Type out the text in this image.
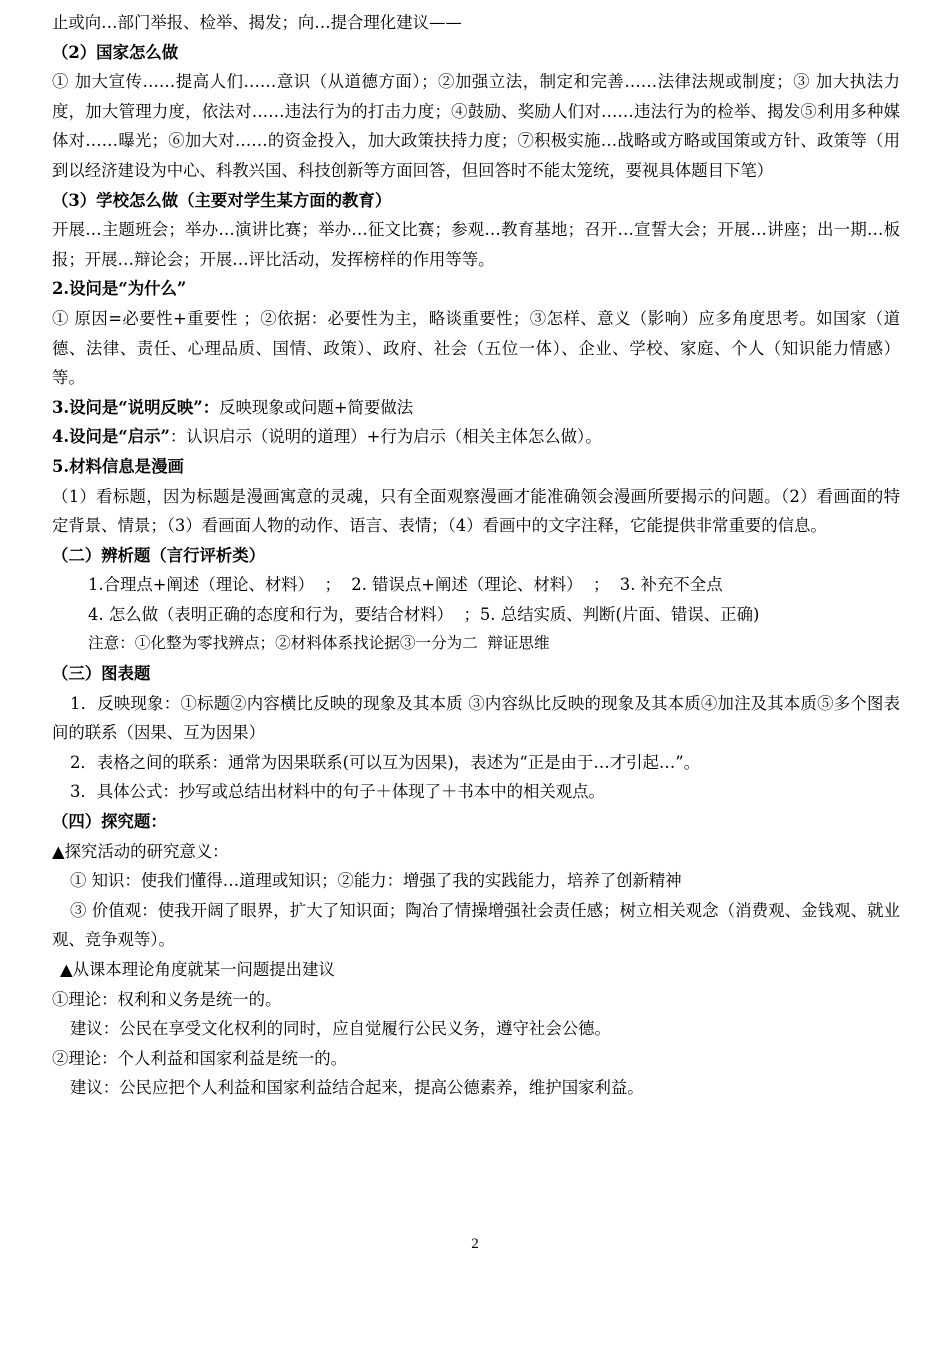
止或向…部门举报、检举、揭发；向…提合理化建议——
（2）国家怎么做
① 加大宣传……提高人们……意识（从道德方面）；②加强立法，制定和完善……法律法规或制度；③ 加大执法力度，加大管理力度，依法对……违法行为的打击力度；④鼓励、奖励人们对……违法行为的检举、揭发⑤利用多种媒体对……曝光；⑥加大对……的资金投入，加大政策扶持力度；⑦积极实施…战略或方略或国策或方针、政策等（用到以经济建设为中心、科教兴国、科技创新等方面回答，但回答时不能太笼统，要视具体题目下笔）
（3）学校怎么做（主要对学生某方面的教育）
开展…主题班会；举办…演讲比赛；举办…征文比赛；参观…教育基地；召开…宣誓大会；开展…讲座；出一期…板报；开展…辩论会；开展…评比活动，发挥榜样的作用等等。
2.设问是“为什么”
① 原因=必要性+重要性 ；②依据：必要性为主，略谈重要性；③怎样、意义（影响）应多角度思考。如国家（道德、法律、责任、心理品质、国情、政策）、政府、社会（五位一体）、企业、学校、家庭、个人（知识能力情感）等。
3.设问是“说明反映”：反映现象或问题+简要做法
4.设问是“启示”：认识启示（说明的道理）+行为启示（相关主体怎么做）。
5.材料信息是漫画
（1）看标题，因为标题是漫画寓意的灵魂，只有全面观察漫画才能准确领会漫画所要揭示的问题。（2）看画面的特定背景、情景；（3）看画面人物的动作、语言、表情；（4）看画中的文字注释，它能提供非常重要的信息。
（二）辨析题（言行评析类）
1.合理点+阐述（理论、材料）  ；  2. 错误点+阐述（理论、材料）  ；  3. 补充不全点
4. 怎么做（表明正确的态度和行为，要结合材料）  ；5. 总结实质、判断(片面、错误、正确)
注意：①化整为零找辨点；②材料体系找论据③一分为二 辩证思维
（三）图表题
1．反映现象：①标题②内容横比反映的现象及其本质 ③内容纵比反映的现象及其本质④加注及其本质⑤多个图表间的联系（因果、互为因果）
2．表格之间的联系：通常为因果联系(可以互为因果)，表述为“正是由于…才引起…”。
3．具体公式：抄写或总结出材料中的句子＋体现了＋书本中的相关观点。
（四）探究题：
▲探究活动的研究意义：
① 知识：使我们懂得…道理或知识；②能力：增强了我的实践能力，培养了创新精神
③ 价值观：使我开阔了眼界，扩大了知识面；陶冶了情操增强社会责任感；树立相关观念（消费观、金钱观、就业观、竞争观等）。
▲从课本理论角度就某一问题提出建议
①理论：权利和义务是统一的。
建议：公民在享受文化权利的同时，应自觉履行公民义务，遵守社会公德。
②理论：个人利益和国家利益是统一的。
建议：公民应把个人利益和国家利益结合起来，提高公德素养，维护国家利益。
2
